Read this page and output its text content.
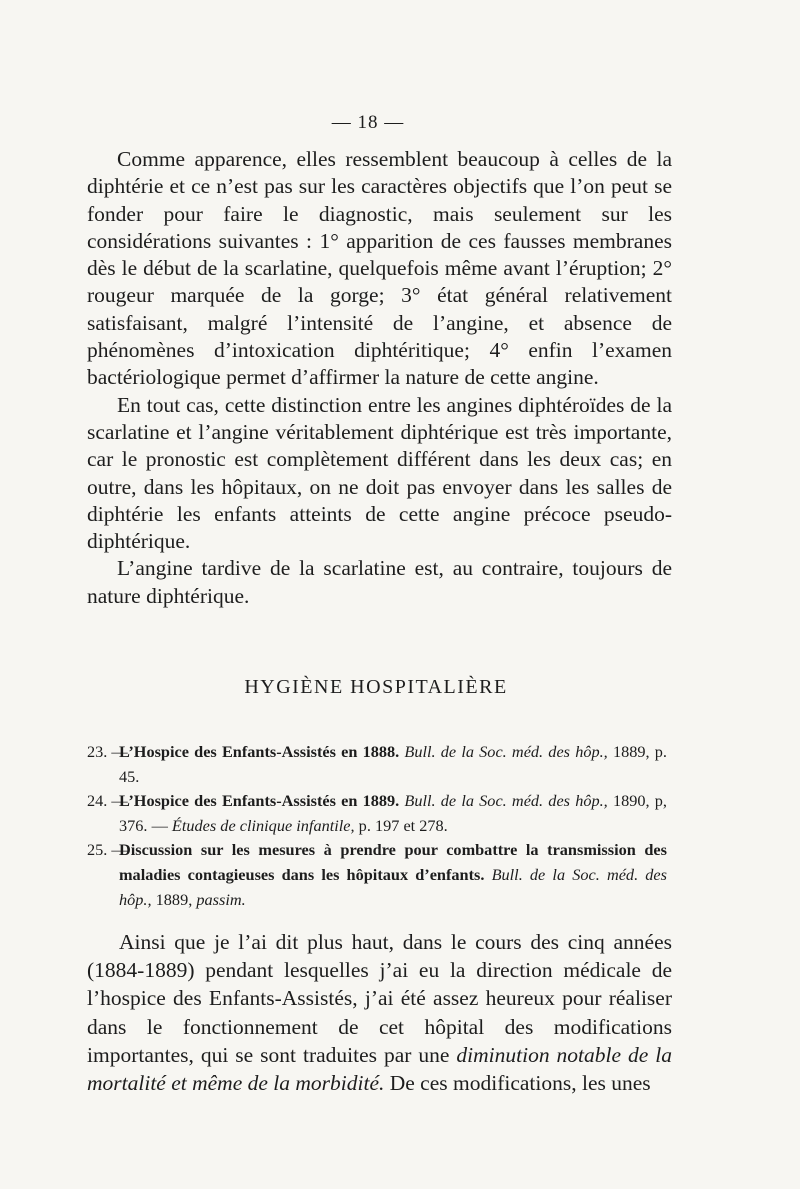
— 18 —

Comme apparence, elles ressemblent beaucoup à celles de la diphtérie et ce n’est pas sur les caractères objectifs que l’on peut se fonder pour faire le diagnostic, mais seulement sur les considérations suivantes : 1° apparition de ces fausses membranes dès le début de la scarlatine, quelquefois même avant l’éruption; 2° rougeur marquée de la gorge; 3° état général relativement satisfaisant, malgré l’intensité de l’angine, et absence de phénomènes d’intoxication diphtéritique; 4° enfin l’examen bactériologique permet d’affirmer la nature de cette angine.

En tout cas, cette distinction entre les angines diphtéroïdes de la scarlatine et l’angine véritablement diphtérique est très importante, car le pronostic est complètement différent dans les deux cas; en outre, dans les hôpitaux, on ne doit pas envoyer dans les salles de diphtérie les enfants atteints de cette angine précoce pseudo-diphtérique.

L’angine tardive de la scarlatine est, au contraire, toujours de nature diphtérique.

HYGIÈNE HOSPITALIÈRE
23. —
L’Hospice des Enfants-Assistés en 1888. Bull. de la Soc. méd. des hôp., 1889, p. 45.
24. —
L’Hospice des Enfants-Assistés en 1889. Bull. de la Soc. méd. des hôp., 1890, p, 376. — Études de clinique infantile, p. 197 et 278.
25. —
Discussion sur les mesures à prendre pour combattre la transmission des maladies contagieuses dans les hôpitaux d’enfants. Bull. de la Soc. méd. des hôp., 1889, passim.

Ainsi que je l’ai dit plus haut, dans le cours des cinq années (1884-1889) pendant lesquelles j’ai eu la direction médicale de l’hospice des Enfants-Assistés, j’ai été assez heureux pour réaliser dans le fonctionnement de cet hôpital des modifications importantes, qui se sont traduites par une diminution notable de la mortalité et même de la morbidité. De ces modifications, les unes
